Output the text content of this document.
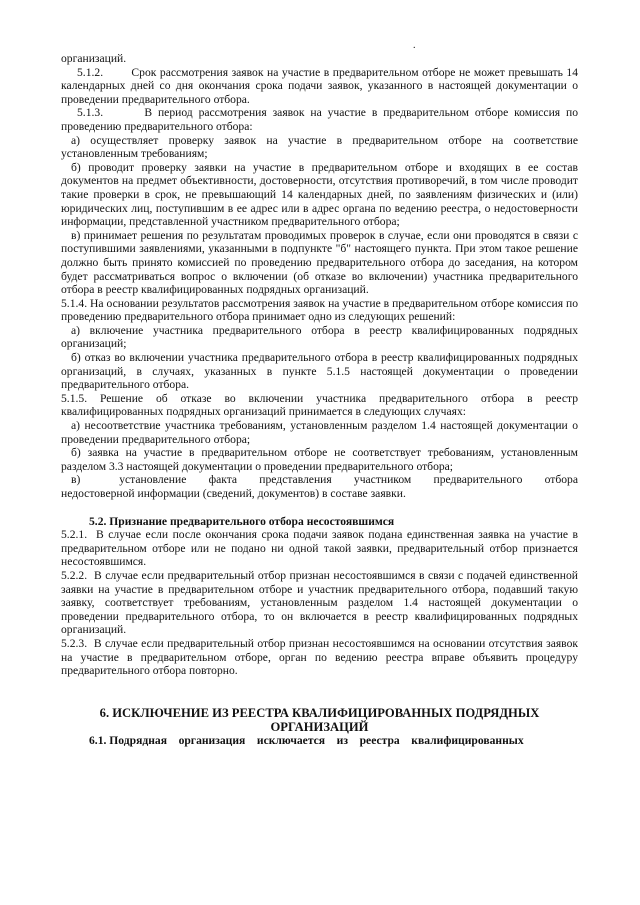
.

организаций.

5.1.2.        Срок рассмотрения заявок на участие в предварительном отборе не может превышать 14 календарных дней со дня окончания срока подачи заявок, указанного в настоящей документации о проведении предварительного отбора.

5.1.3.       В период рассмотрения заявок на участие в предварительном отборе комиссия по проведению предварительного отбора:

а) осуществляет проверку заявок на участие в предварительном отборе на соответствие установленным требованиям;

б) проводит проверку заявки на участие в предварительном отборе и входящих в ее состав документов на предмет объективности, достоверности, отсутствия противоречий, в том числе проводит такие проверки в срок, не превышающий 14 календарных дней, по заявлениям физических и (или) юридических лиц, поступившим в ее адрес или в адрес органа по ведению реестра, о недостоверности информации, представленной участником предварительного отбора;

в) принимает решения по результатам проводимых проверок в случае, если они проводятся в связи с поступившими заявлениями, указанными в подпункте "б" настоящего пункта. При этом такое решение должно быть принято комиссией по проведению предварительного отбора до заседания, на котором будет рассматриваться вопрос о включении (об отказе во включении) участника предварительного отбора в реестр квалифицированных подрядных организаций.

5.1.4. На основании результатов рассмотрения заявок на участие в предварительном отборе комиссия по проведению предварительного отбора принимает одно из следующих решений:

а) включение участника предварительного отбора в реестр квалифицированных подрядных организаций;

б) отказ во включении участника предварительного отбора в реестр квалифицированных подрядных организаций, в случаях, указанных в пункте 5.1.5 настоящей документации о проведении предварительного отбора.

5.1.5. Решение об отказе во включении участника предварительного отбора в реестр квалифицированных подрядных организаций принимается в следующих случаях:

а) несоответствие участника требованиям, установленным разделом 1.4 настоящей документации о проведении предварительного отбора;

б) заявка на участие в предварительном отборе не соответствует требованиям, установленным разделом 3.3 настоящей документации о проведении предварительного отбора;

в)       установление    факта    представления    участником    предварительного    отбора недостоверной информации (сведений, документов) в составе заявки.

5.2. Признание предварительного отбора несостоявшимся

5.2.1.  В случае если после окончания срока подачи заявок подана единственная заявка на участие в предварительном отборе или не подано ни одной такой заявки, предварительный отбор признается несостоявшимся.

5.2.2.  В случае если предварительный отбор признан несостоявшимся в связи с подачей единственной заявки на участие в предварительном отборе и участник предварительного отбора, подавший такую заявку, соответствует требованиям, установленным разделом 1.4 настоящей документации о проведении предварительного отбора, то он включается в реестр квалифицированных подрядных организаций.

5.2.3.  В случае если предварительный отбор признан несостоявшимся на основании отсутствия заявок на участие в предварительном отборе, орган по ведению реестра вправе объявить процедуру предварительного отбора повторно.

6. ИСКЛЮЧЕНИЕ ИЗ РЕЕСТРА КВАЛИФИЦИРОВАННЫХ ПОДРЯДНЫХ
ОРГАНИЗАЦИЙ

6.1. Подрядная    организация    исключается    из    реестра    квалифицированных
